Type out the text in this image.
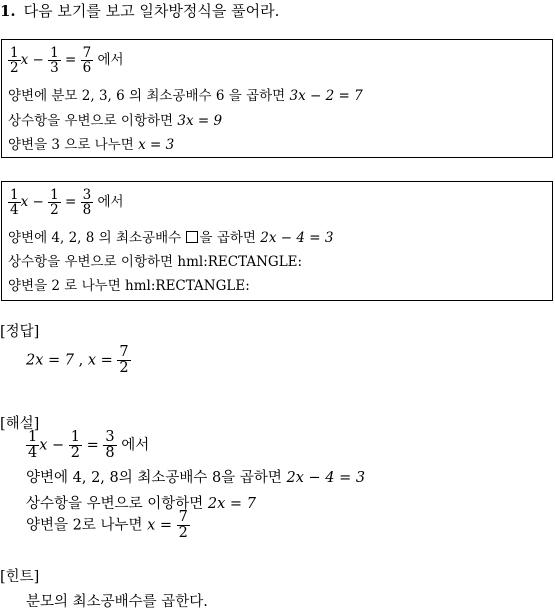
1. 다음 보기를 보고 일차방정식을 풀어라.
$\frac{1}{2}$ $x - \frac{1}{3} = \frac{7}{6}$ 에서
양변에 분모 2, 3, 6 의 최소공배수 6 을 곱하면 3x − 2 = 7
상수항을 우변으로 이항하면 3x = 9
양변을 3 으로 나누면 x = 3
$\frac{1}{4}$ $x - \frac{1}{2} = \frac{3}{8}$ 에서
양변에 4, 2, 8 의 최소공배수 을 곱하면 2x − 4 = 3
상수항을 우변으로 이항하면 hml:RECTANGLE:
양변을 2 로 나누면 hml:RECTANGLE:
[정답]
2x = 7 , $x = \frac{7}{2}$
[해설]
$\frac{1}{4}$ $x - \frac{1}{2} = \frac{3}{8}$ 에서
양변에 4, 2, 8의 최소공배수 8을 곱하면 2x − 4 = 3
상수항을 우변으로 이항하면 2x = 7
양변을 2로 나누면 $x = \frac{7}{2}$
[힌트]
분모의 최소공배수를 곱한다.
